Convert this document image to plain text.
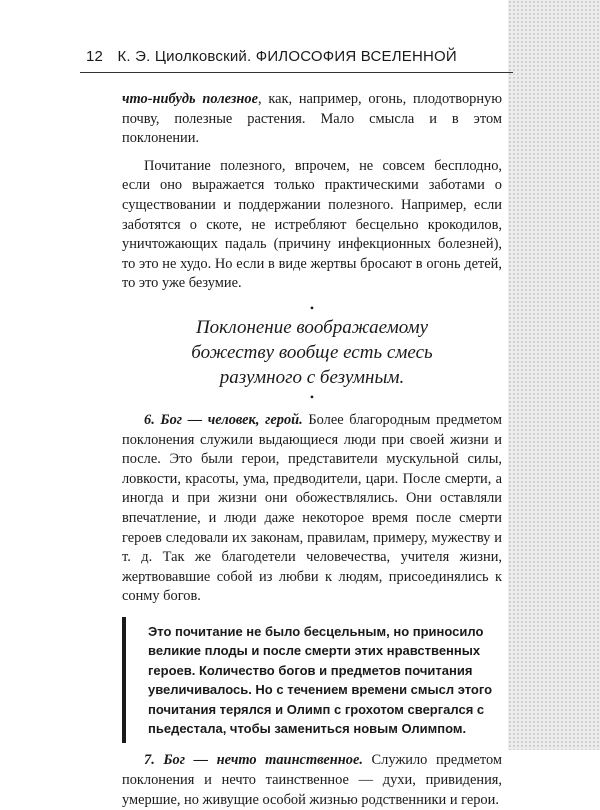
12 К. Э. Циолковский. ФИЛОСОФИЯ ВСЕЛЕННОЙ

что-нибудь полезное, как, например, огонь, плодотворную почву, полезные растения. Мало смысла и в этом поклонении.

Почитание полезного, впрочем, не совсем бесплодно, если оно выражается только практическими заботами о существовании и поддержании полезного. Например, если заботятся о скоте, не истребляют бесцельно крокодилов, уничтожающих падаль (причину инфекционных болезней), то это не худо. Но если в виде жертвы бросают в огонь детей, то это уже безумие.

•
Поклонение воображаемому
божеству вообще есть смесь
разумного с безумным.
•

6. Бог — человек, герой. Более благородным предметом поклонения служили выдающиеся люди при своей жизни и после. Это были герои, представители мускульной силы, ловкости, красоты, ума, предводители, цари. После смерти, а иногда и при жизни они обожествлялись. Они оставляли впечатление, и люди даже некоторое время после смерти героев следовали их законам, правилам, примеру, мужеству и т. д. Так же благодетели человечества, учителя жизни, жертвовавшие собой из любви к людям, присоединялись к сонму богов.

Это почитание не было бесцельным, но приносило великие плоды и после смерти этих нравственных героев. Количество богов и предметов почитания увеличивалось. Но с течением времени смысл этого почитания терялся и Олимп с грохотом свергался с пьедестала, чтобы замениться новым Олимпом.

7. Бог — нечто таинственное. Служило предметом поклонения и нечто таинственное — духи, привидения, умершие, но живущие особой жизнью родственники и герои.
